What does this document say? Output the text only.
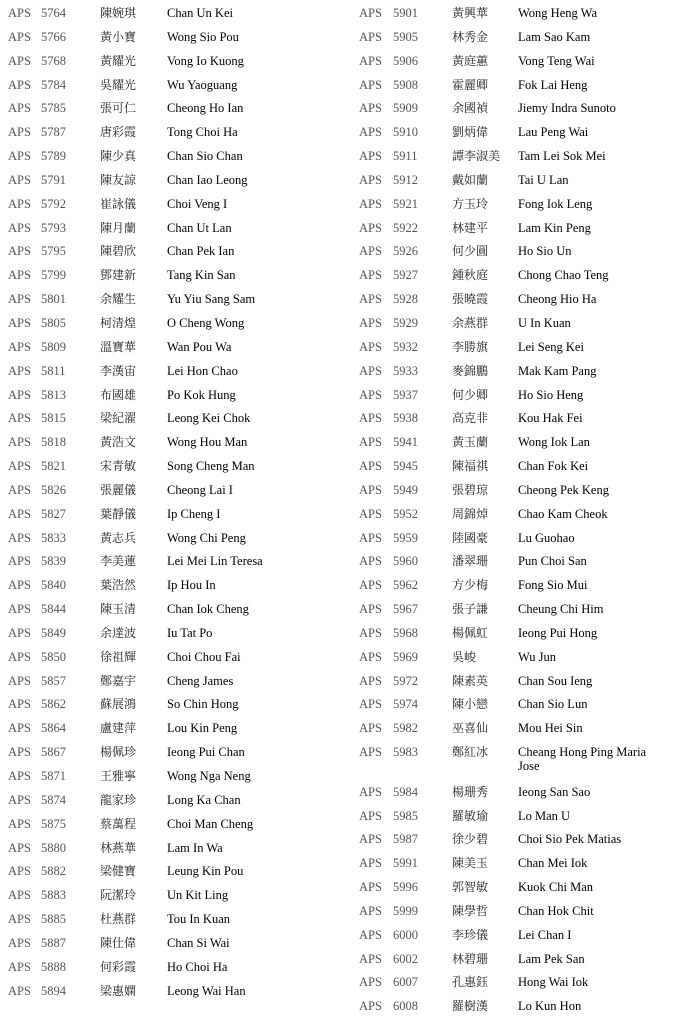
APS 5764	陳婉琪 Chan Un Kei
APS 5766	黃小寶 Wong Sio Pou
APS 5768	黃耀光 Vong Io Kuong
APS 5784	吳耀光 Wu Yaoguang
APS 5785	張可仁 Cheong Ho Ian
APS 5787	唐彩霞 Tong Choi Ha
APS 5789	陳少真 Chan Sio Chan
APS 5791	陳友諒 Chan Iao Leong
APS 5792	崔詠儀 Choi Veng I
APS 5793	陳月蘭 Chan Ut Lan
APS 5795	陳碧欣 Chan Pek Ian
APS 5799	鄧建新 Tang Kin San
APS 5801	余耀生 Yu Yiu Sang Sam
APS 5805	柯清煌 O Cheng Wong
APS 5809	溫寶華 Wan Pou Wa
APS 5811	李漢宙 Lei Hon Chao
APS 5813	布國雄 Po Kok Hung
APS 5815	梁紀濯 Leong Kei Chok
APS 5818	黃浩文 Wong Hou Man
APS 5821	宋青敏 Song Cheng Man
APS 5826	張麗儀 Cheong Lai I
APS 5827	葉靜儀 Ip Cheng I
APS 5833	黃志兵 Wong Chi Peng
APS 5839	李美蓮 Lei Mei Lin Teresa
APS 5840	葉浩然 Ip Hou In
APS 5844	陳玉清 Chan Iok Cheng
APS 5849	余達波 Iu Tat Po
APS 5850	徐祖輝 Choi Chou Fai
APS 5857	鄭嘉宇 Cheng James
APS 5862	蘇展鴻 So Chin Hong
APS 5864	盧建萍 Lou Kin Peng
APS 5867	楊佩珍 Ieong Pui Chan
APS 5871	王雅寧 Wong Nga Neng
APS 5874	龍家珍 Long Ka Chan
APS 5875	蔡萬程 Choi Man Cheng
APS 5880	林燕華 Lam In Wa
APS 5882	梁健寶 Leung Kin Pou
APS 5883	阮潔玲 Un Kit Ling
APS 5885	杜燕群 Tou In Kuan
APS 5887	陳仕偉 Chan Si Wai
APS 5888	何彩霞 Ho Choi Ha
APS 5894	梁惠嫻 Leong Wai Han
APS 5901	黃興華 Wong Heng Wa
APS 5905	林秀金 Lam Sao Kam
APS 5906	黃庭蕙 Vong Teng Wai
APS 5908	霍麗卿 Fok Lai Heng
APS 5909	余國禎 Jiemy Indra Sunoto
APS 5910	劉炳偉 Lau Peng Wai
APS 5911	譚李淑美 Tam Lei Sok Mei
APS 5912	戴如蘭 Tai U Lan
APS 5921	方玉玲 Fong Iok Leng
APS 5922	林建平 Lam Kin Peng
APS 5926	何少圓 Ho Sio Un
APS 5927	鍾秋庭 Chong Chao Teng
APS 5928	張曉霞 Cheong Hio Ha
APS 5929	余燕群 U In Kuan
APS 5932	李勝旗 Lei Seng Kei
APS 5933	麥錦鵬 Mak Kam Pang
APS 5937	何少卿 Ho Sio Heng
APS 5938	高克非 Kou Hak Fei
APS 5941	黃玉蘭 Wong Iok Lan
APS 5945	陳福祺 Chan Fok Kei
APS 5949	張碧琼 Cheong Pek Keng
APS 5952	周錦焯 Chao Kam Cheok
APS 5959	陸國豪 Lu Guohao
APS 5960	潘翠珊 Pun Choi San
APS 5962	方少梅 Fong Sio Mui
APS 5967	張子謙 Cheung Chi Him
APS 5968	楊佩虹 Ieong Pui Hong
APS 5969	吳峻	Wu Jun
APS 5972	陳素英 Chan Sou Ieng
APS 5974	陳小戀 Chan Sio Lun
APS 5982	巫喜仙 Mou Hei Sin
APS 5983	鄭紅冰 Cheang Hong Ping Maria Jose
APS 5984	楊珊秀 Ieong San Sao
APS 5985	羅敏瑜 Lo Man U
APS 5987	徐少碧 Choi Sio Pek Matias
APS 5991	陳美玉 Chan Mei Iok
APS 5996	郭智敏 Kuok Chi Man
APS 5999	陳學哲 Chan Hok Chit
APS 6000	李珍儀 Lei Chan I
APS 6002	林碧珊 Lam Pek San
APS 6007	孔惠鈺 Hong Wai Iok
APS 6008	羅樹漢 Lo Kun Hon
